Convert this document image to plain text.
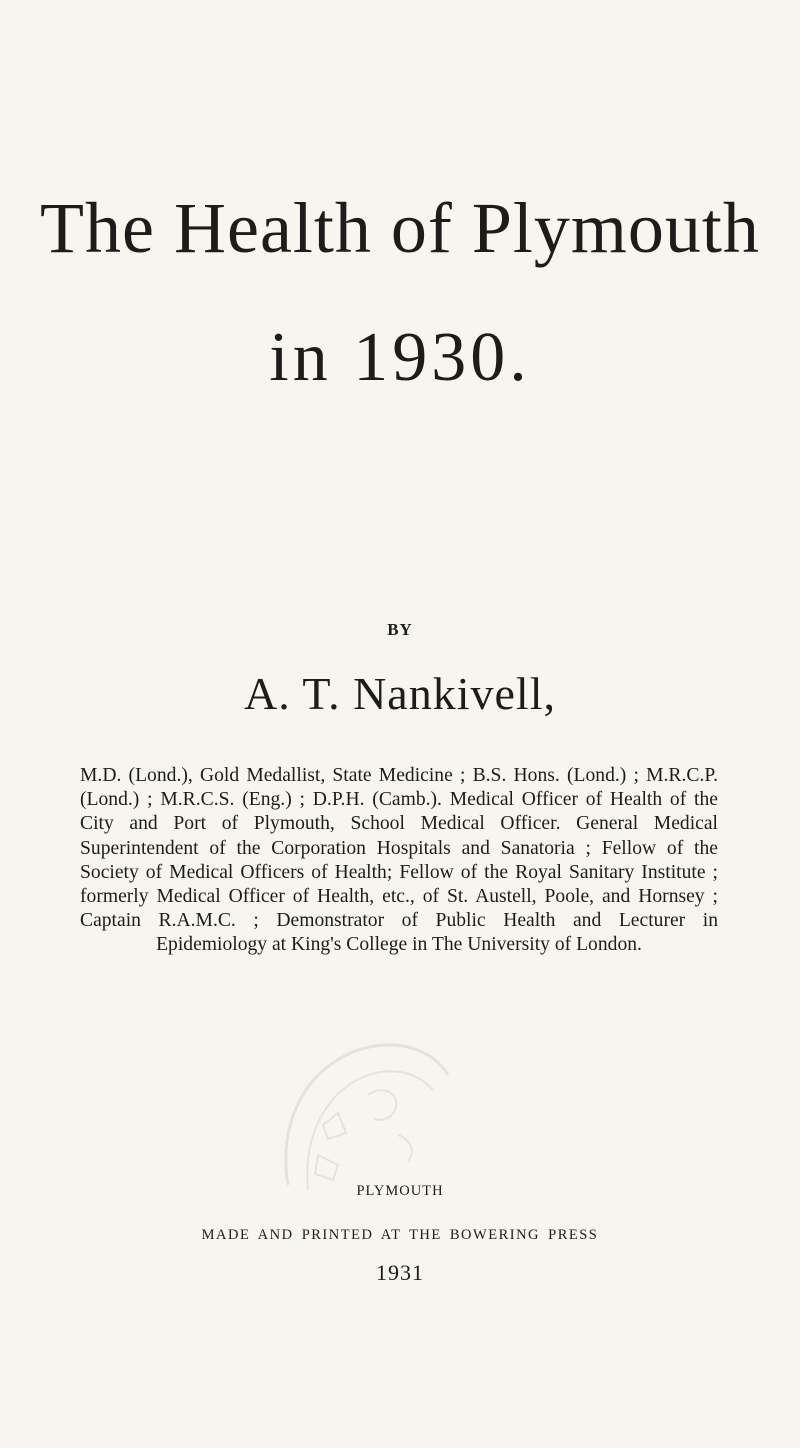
The Health of Plymouth
in 1930.
BY
A. T. Nankivell,

M.D. (Lond.), Gold Medallist, State Medicine ; B.S. Hons. (Lond.) ; M.R.C.P. (Lond.) ; M.R.C.S. (Eng.) ; D.P.H. (Camb.). Medical Officer of Health of the City and Port of Plymouth, School Medical Officer. General Medical Superintendent of the Corporation Hospitals and Sanatoria ; Fellow of the Society of Medical Officers of Health; Fellow of the Royal Sanitary Institute ; formerly Medical Officer of Health, etc., of St. Austell, Poole, and Hornsey ; Captain R.A.M.C. ; Demonstrator of Public Health and Lecturer in Epidemiology at King's College in The University of London.

PLYMOUTH
MADE AND PRINTED AT THE BOWERING PRESS
1931
